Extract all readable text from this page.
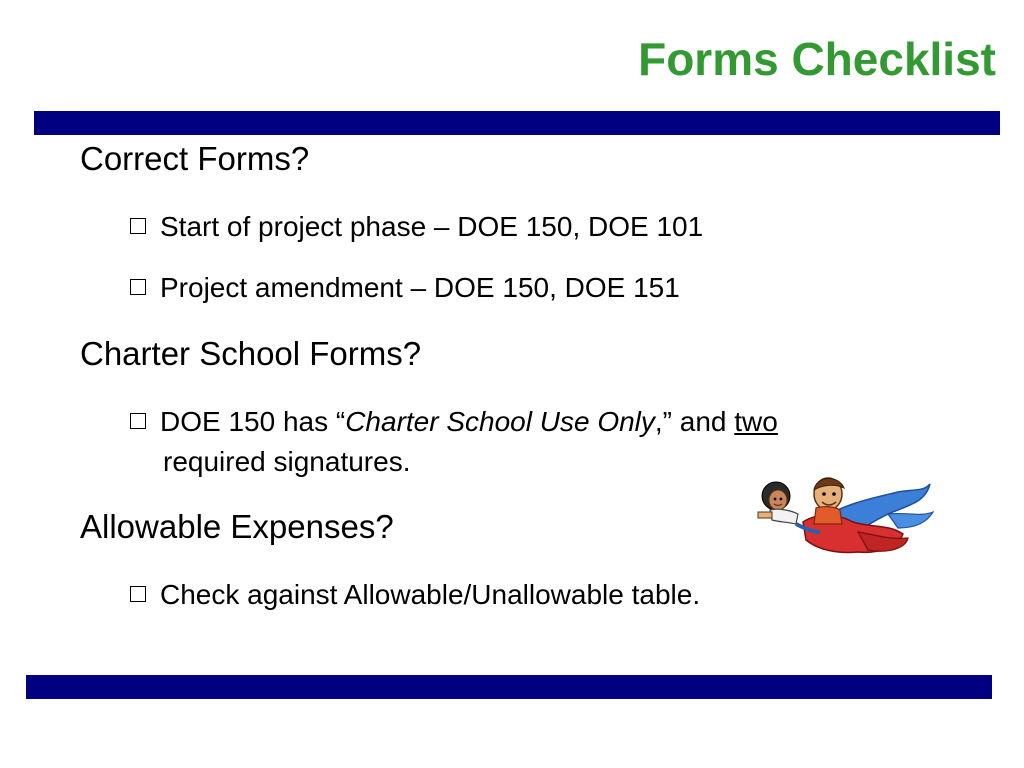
Forms Checklist
Correct Forms?
Start of project phase – DOE 150, DOE 101
Project amendment – DOE 150, DOE 151
Charter School Forms?
DOE 150 has “Charter School Use Only,” and two
required signatures.
Allowable Expenses?
Check against Allowable/Unallowable table.
